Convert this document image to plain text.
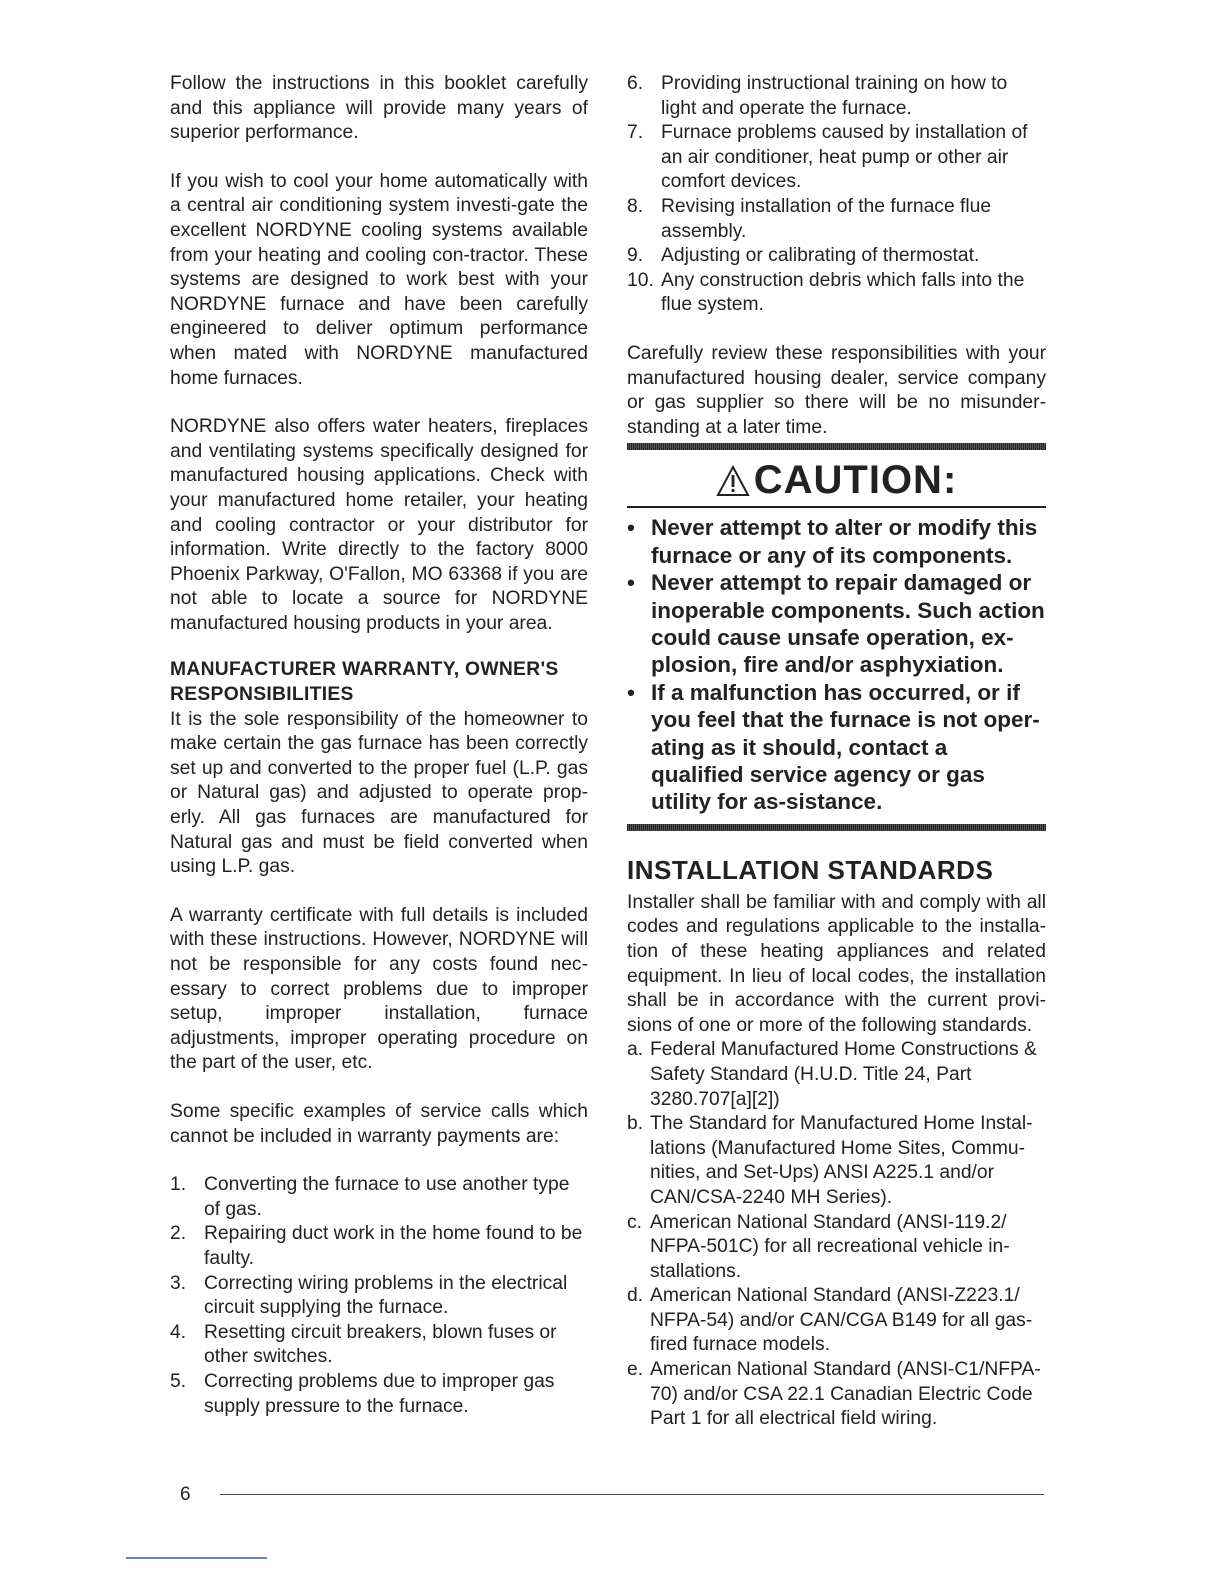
Follow the instructions in this booklet carefully and this appliance will provide many years of superior performance.

If you wish to cool your home automatically with a central air conditioning system investi-gate the excellent NORDYNE cooling systems available from your heating and cooling con-tractor. These systems are designed to work best with your NORDYNE furnace and have been carefully engineered to deliver optimum performance when mated with NORDYNE manufactured home furnaces.

NORDYNE also offers water heaters, fireplaces and ventilating systems specifically designed for manufactured housing applications. Check with your manufactured home retailer, your heating and cooling contractor or your distributor for information. Write directly to the factory 8000 Phoenix Parkway, O'Fallon, MO 63368 if you are not able to locate a source for NORDYNE manufactured housing products in your area.

MANUFACTURER WARRANTY, OWNER'S RESPONSIBILITIES

It is the sole responsibility of the homeowner to make certain the gas furnace has been correctly set up and converted to the proper fuel (L.P. gas or Natural gas) and adjusted to operate prop-erly. All gas furnaces are manufactured for Natural gas and must be field converted when using L.P. gas.

A warranty certificate with full details is included with these instructions. However, NORDYNE will not be responsible for any costs found nec-essary to correct problems due to improper setup, improper installation, furnace adjustments, improper operating procedure on the part of the user, etc.

Some specific examples of service calls which cannot be included in warranty payments are:

1. Converting the furnace to use another type of gas.
2. Repairing duct work in the home found to be faulty.
3. Correcting wiring problems in the electrical circuit supplying the furnace.
4. Resetting circuit breakers, blown fuses or other switches.
5. Correcting problems due to improper gas supply pressure to the furnace.
6. Providing instructional training on how to light and operate the furnace.
7. Furnace problems caused by installation of an air conditioner, heat pump or other air comfort devices.
8. Revising installation of the furnace flue assembly.
9. Adjusting or calibrating of thermostat.
10. Any construction debris which falls into the flue system.

Carefully review these responsibilities with your manufactured housing dealer, service company or gas supplier so there will be no misunder-standing at a later time.

CAUTION:
• Never attempt to alter or modify this furnace or any of its components.
• Never attempt to repair damaged or inoperable components. Such action could cause unsafe operation, ex-plosion, fire and/or asphyxiation.
• If a malfunction has occurred, or if you feel that the furnace is not oper-ating as it should, contact a qualified service agency or gas utility for as-sistance.
INSTALLATION STANDARDS

Installer shall be familiar with and comply with all codes and regulations applicable to the installa-tion of these heating appliances and related equipment. In lieu of local codes, the installation shall be in accordance with the current provi-sions of one or more of the following standards.

a. Federal Manufactured Home Constructions & Safety Standard (H.U.D. Title 24, Part 3280.707[a][2])
b. The Standard for Manufactured Home Instal-lations (Manufactured Home Sites, Commu-nities, and Set-Ups) ANSI A225.1 and/or CAN/CSA-2240 MH Series).
c. American National Standard (ANSI-119.2/ NFPA-501C) for all recreational vehicle in-stallations.
d. American National Standard (ANSI-Z223.1/ NFPA-54) and/or CAN/CGA B149 for all gas-fired furnace models.
e. American National Standard (ANSI-C1/NFPA-70) and/or CSA 22.1 Canadian Electric Code Part 1 for all electrical field wiring.
6
